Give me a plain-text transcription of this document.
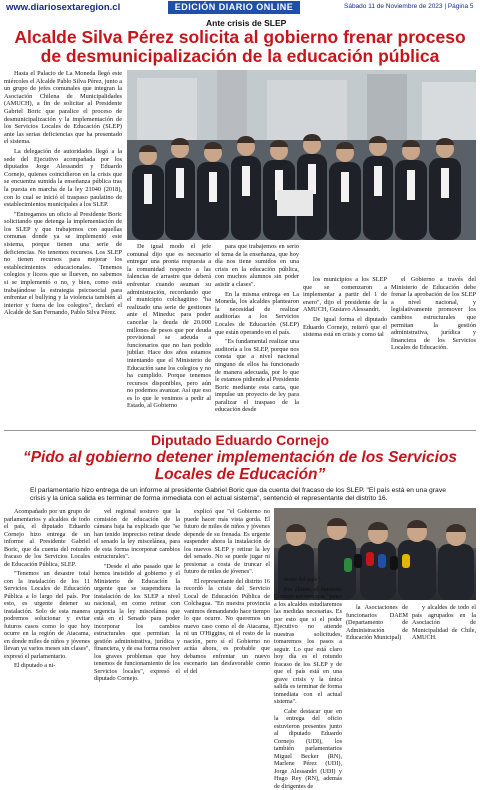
www.diariosextaregion.cl	EDICIÓN DIARIO ONLINE	Sábado 11 de Noviembre de 2023 | Página 5
Ante crisis de SLEP
Alcalde Silva Pérez solicita al gobierno frenar proceso de desmunicipalización de la educación pública

Hasta el Palacio de La Moneda llegó este miércoles el Alcalde Pablo Silva Pérez, junto a un grupo de jefes comunales que integran la Asociación Chilena de Municipalidades (AMUCH), a fin de solicitar al Presidente Gabriel Boric que paralice el proceso de desmunicipalización y la implementación de los Servicios Locales de Educación (SLEP) ante las serias deficiencias que ha presentado el sistema.

La delegación de autoridades llegó a la sede del Ejecutivo acompañada por los diputados Jorge Alessandri y Eduardo Cornejo, quienes coincidieron en la crisis que se encuentra sumida la enseñanza pública tras la puesta en marcha de la ley 21040 (2018), con lo cual se inició el traspaso paulatino de establecimientos municipales a los SLEP.

"Entregamos un oficio al Presidente Boric solicitando que detenga la implementación de los SLEP y que trabajemos con aquellas comunas donde ya se implementó este sistema, porque tienen una serie de deficiencias. No tenemos recursos. Los SLEP no tienen recursos para mejorar los establecimientos educacionales. Tenemos colegios y liceos que se llueven, no sabemos si se implementó o no, y bien, como está trabajándose la estrategia psicosocial para enfrentar el bullying y la violencia también al interior y fuera de los colegios", declaró el Alcalde de San Fernando, Pablo Silva Pérez.

De igual modo el jefe comunal dijo que es necesario entregar una pronta respuesta a la comunidad respecto a las falencias de arrastre que deberá enfrentar cuando asuman su administración, recordando que el municipio colchagüino "ha realizado una serie de gestiones ante el Mineduc para poder cancelar la deuda de 20.000 millones de pesos que por deuda previsional se adeuda a funcionarios que no han podido jubilar. Hace dos años estamos intentando que el Ministerio de Educación sane los colegios y no ha cumplido. Porque tenemos recursos disponibles, pero aún no podemos avanzar. Así que eso es lo que le venimos a pedir al Estado, al Gobierno

para que trabajemos en serio el tema de la enseñanza, que hoy día nos tiene sumidos en una crisis en la educación pública, con muchos alumnos sin poder asistir a clases".

En la misma entrega en La Moneda, los alcaldes plantearon la necesidad de realizar auditorías a los Servicios Locales de Educación (SLEP) que están operando en el país.

"Es fundamental realizar una auditoría a los SLEP, porque nos consta que a nivel nacional ninguno de ellos ha funcionado de manera adecuada, por lo que le estamos pidiendo al Presidente Boric mediante esta carta, que impulse un proyecto de ley para paralizar el traspaso de la educación desde

los municipios a los SLEP que se comenzaron a implementar a partir del 1 de enero", dijo el presidente de la AMUCH, Gustavo Alessandri.

De igual forma el diputado Eduardo Cornejo, reiteró que el sistema está en crisis y como tal

el Gobierno a través del Ministerio de Educación debe frenar la aprobación de los SLEP a nivel nacional, y legislativamente promover los cambios estructurales que permitan la gestión administrativa, jurídica y financiera de los Servicios Locales de Educación.

Diputado Eduardo Cornejo
“Pido al gobierno detener implementación de los Servicios Locales de Educación”
El parlamentario hizo entrega de un informe al presidente Gabriel Boric que da cuenta del fracaso de los SLEP. "El país está en una grave crisis y la única salida es terminar de forma inmediata con el actual sistema", sentenció el representante del distrito 16.

Acompañado por un grupo de parlamentarios y alcaldes de todo el país, el diputado Eduardo Cornejo hizo entrega de un informe al Presidente Gabriel Boric, que da cuenta del rotundo fracaso de los Servicios Locales de Educación Pública, SLEP.

"Tenemos un desastre total con la instalación de los 11 Servicios Locales de Educación Pública a lo largo del país. Por esto, es urgente detener su instalación. Solo de esta manera podremos solucionar y evitar futuros casos como lo que hoy ocurre en la región de Atacama, en donde miles de niños y jóvenes llevan ya varios meses sin clases", expresó el parlamentario.

El diputado a ni-

vel regional sostuvo que la comisión de educación de la cámara baja ha explicado que "se han tenido impreciso retirar desde el senado la ley miscelánea, para de esta forma incorporar cambios estructurales".

"Desde el año pasado que le hemos insistido al gobierno y el Ministerio de Educación la urgente que se suspendiera la instalación de los SLEP a nivel nacional, en como retirar con urgencia la ley miscelánea que está en el Senado para poder incorporar los cambios estructurales que permitan la gestión administrativa, jurídica y financiera, y de esa forma resolver los graves problemas que hoy tenemos de funcionamiento de los Servicios locales", expresó el diputado Cornejo.

explicó que "el Gobierno no puede hacer más vista gorda. El futuro de miles de niños y jóvenes depende de su frenada. Es urgente suspender ahora la instalación de los nuevos SLEP y retirar la ley del senado. No se puede jugar ni presionar a costa de truncar el futuro de miles de jóvenes".

El representante del distrito 16 recordó la crisis del Servicio Local de Educación Pública de Colchagua. "En nuestra provincia vanimos demandando hace tiempo lo que ocurre. No queremos un nuevo caso como el de Atacama, ni un O'Higgins, ni el resto de la nación, pero sí el Gobierno no actúa ahora, es probable que debamos enfrentar un nuevo escenario tan desfavorable como el del

norte del país".

Por último, el diputado Cornejo aseveró que "junto a los alcaldes estudiaremos las medidas necesarias. Es por esto que si el poder Ejecutivo no atiende nuestras solicitudes, tomaremos los pasos a seguir. Lo que está claro hoy día es el rotundo fracaso de los SLEP y de que el país está en una grave crisis y la única salida es terminar de forma inmediata con el actual sistema".

Cabe destacar que en la entrega del oficio estuvieron presentes junto al diputado Eduardo Cornejo (UDI), los también parlamentarios Miguel Becker (RN), Marlene Pérez (UDI), Jorge Alessandri (UDI) y Hugo Rey (RN), además de dirigentes de

la Asociaciones de funcionarios DAEM (Departamento de Administración de Educación Municipal)

y alcaldes de todo el país agrupados en la Asociación de Municipalidad de Chile, AMUCH.
